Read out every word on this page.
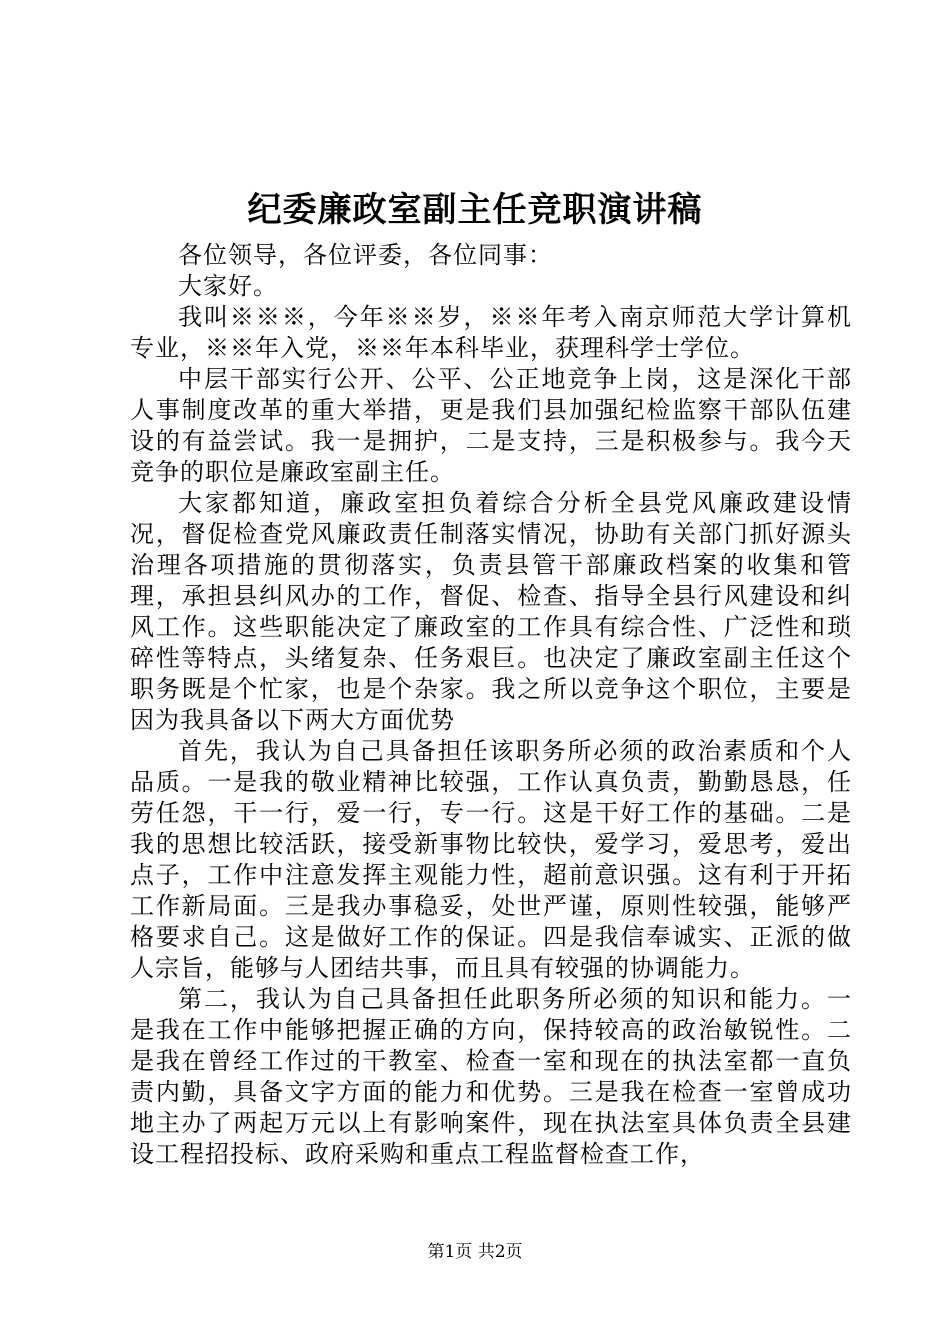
纪委廉政室副主任竞职演讲稿

各位领导，各位评委，各位同事：

大家好。

我叫※※※，今年※※岁，※※年考入南京师范大学计算机专业，※※年入党，※※年本科毕业，获理科学士学位。

中层干部实行公开、公平、公正地竞争上岗，这是深化干部人事制度改革的重大举措，更是我们县加强纪检监察干部队伍建设的有益尝试。我一是拥护，二是支持，三是积极参与。我今天竞争的职位是廉政室副主任。

大家都知道，廉政室担负着综合分析全县党风廉政建设情况，督促检查党风廉政责任制落实情况，协助有关部门抓好源头治理各项措施的贯彻落实，负责县管干部廉政档案的收集和管理，承担县纠风办的工作，督促、检查、指导全县行风建设和纠风工作。这些职能决定了廉政室的工作具有综合性、广泛性和琐碎性等特点，头绪复杂、任务艰巨。也决定了廉政室副主任这个职务既是个忙家，也是个杂家。我之所以竞争这个职位，主要是因为我具备以下两大方面优势

首先，我认为自己具备担任该职务所必须的政治素质和个人品质。一是我的敬业精神比较强，工作认真负责，勤勤恳恳，任劳任怨，干一行，爱一行，专一行。这是干好工作的基础。二是我的思想比较活跃，接受新事物比较快，爱学习，爱思考，爱出点子，工作中注意发挥主观能力性，超前意识强。这有利于开拓工作新局面。三是我办事稳妥，处世严谨，原则性较强，能够严格要求自己。这是做好工作的保证。四是我信奉诚实、正派的做人宗旨，能够与人团结共事，而且具有较强的协调能力。

第二，我认为自己具备担任此职务所必须的知识和能力。一是我在工作中能够把握正确的方向，保持较高的政治敏锐性。二是我在曾经工作过的干教室、检查一室和现在的执法室都一直负责内勤，具备文字方面的能力和优势。三是我在检查一室曾成功地主办了两起万元以上有影响案件，现在执法室具体负责全县建设工程招投标、政府采购和重点工程监督检查工作，

第1页 共2页
